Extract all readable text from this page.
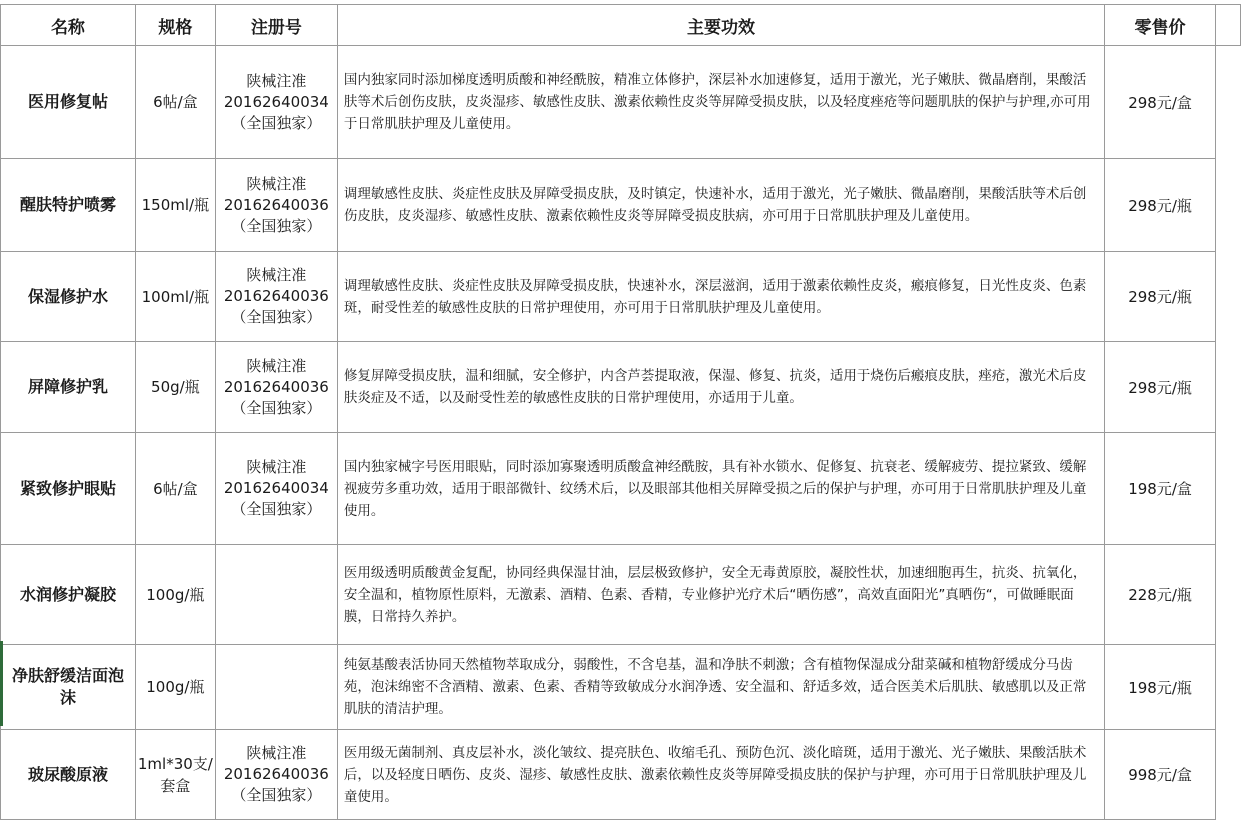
名称	规格	注册号	主要功效	零售价	
医用修复帖	6帖/盒	陕械注准
20162640034
（全国独家）	国内独家同时添加梯度透明质酸和神经酰胺，精准立体修护，深层补水加速修复，适用于激光，光子嫩肤、微晶磨削，果酸活肤等术后创伤皮肤，皮炎湿疹、敏感性皮肤、激素依赖性皮炎等屏障受损皮肤，以及轻度痤疮等问题肌肤的保护与护理,亦可用于日常肌肤护理及儿童使用。	298元/盒	
醒肤特护喷雾	150ml/瓶	陕械注准
20162640036
（全国独家）	调理敏感性皮肤、炎症性皮肤及屏障受损皮肤，及时镇定，快速补水，适用于激光，光子嫩肤、微晶磨削，果酸活肤等术后创伤皮肤，皮炎湿疹、敏感性皮肤、激素依赖性皮炎等屏障受损皮肤病，亦可用于日常肌肤护理及儿童使用。	298元/瓶	
保湿修护水	100ml/瓶	陕械注准
20162640036
（全国独家）	调理敏感性皮肤、炎症性皮肤及屏障受损皮肤，快速补水，深层滋润，适用于激素依赖性皮炎，瘢痕修复，日光性皮炎、色素斑，耐受性差的敏感性皮肤的日常护理使用，亦可用于日常肌肤护理及儿童使用。	298元/瓶	
屏障修护乳	50g/瓶	陕械注准
20162640036
（全国独家）	修复屏障受损皮肤，温和细腻，安全修护，内含芦荟提取液，保湿、修复、抗炎，适用于烧伤后瘢痕皮肤，痤疮，激光术后皮肤炎症及不适，以及耐受性差的敏感性皮肤的日常护理使用，亦适用于儿童。	298元/瓶	
紧致修护眼贴	6帖/盒	陕械注准
20162640034
（全国独家）	国内独家械字号医用眼贴，同时添加寡聚透明质酸盒神经酰胺，具有补水锁水、促修复、抗衰老、缓解疲劳、提拉紧致、缓解视疲劳多重功效，适用于眼部微针、纹绣术后，以及眼部其他相关屏障受损之后的保护与护理，亦可用于日常肌肤护理及儿童使用。	198元/盒	
水润修护凝胶	100g/瓶		医用级透明质酸黄金复配，协同经典保湿甘油，层层极致修护，安全无毒黄原胶，凝胶性状，加速细胞再生，抗炎、抗氧化，安全温和，植物原性原料，无激素、酒精、色素、香精，专业修护光疗术后“晒伤感”，高效直面阳光”真晒伤“，可做睡眠面膜，日常持久养护。	228元/瓶	
净肤舒缓洁面泡沫	100g/瓶		纯氨基酸表活协同天然植物萃取成分，弱酸性，不含皂基，温和净肤不刺激；含有植物保湿成分甜菜碱和植物舒缓成分马齿苑，泡沫绵密不含酒精、激素、色素、香精等致敏成分水润净透、安全温和、舒适多效，适合医美术后肌肤、敏感肌以及正常肌肤的清洁护理。	198元/瓶	
玻尿酸原液	1ml*30支/套盒	陕械注准
20162640036
（全国独家）	医用级无菌制剂、真皮层补水，淡化皱纹、提亮肤色、收缩毛孔、预防色沉、淡化暗斑，适用于激光、光子嫩肤、果酸活肤术后，以及轻度日晒伤、皮炎、湿疹、敏感性皮肤、激素依赖性皮炎等屏障受损皮肤的保护与护理，亦可用于日常肌肤护理及儿童使用。	998元/盒	
